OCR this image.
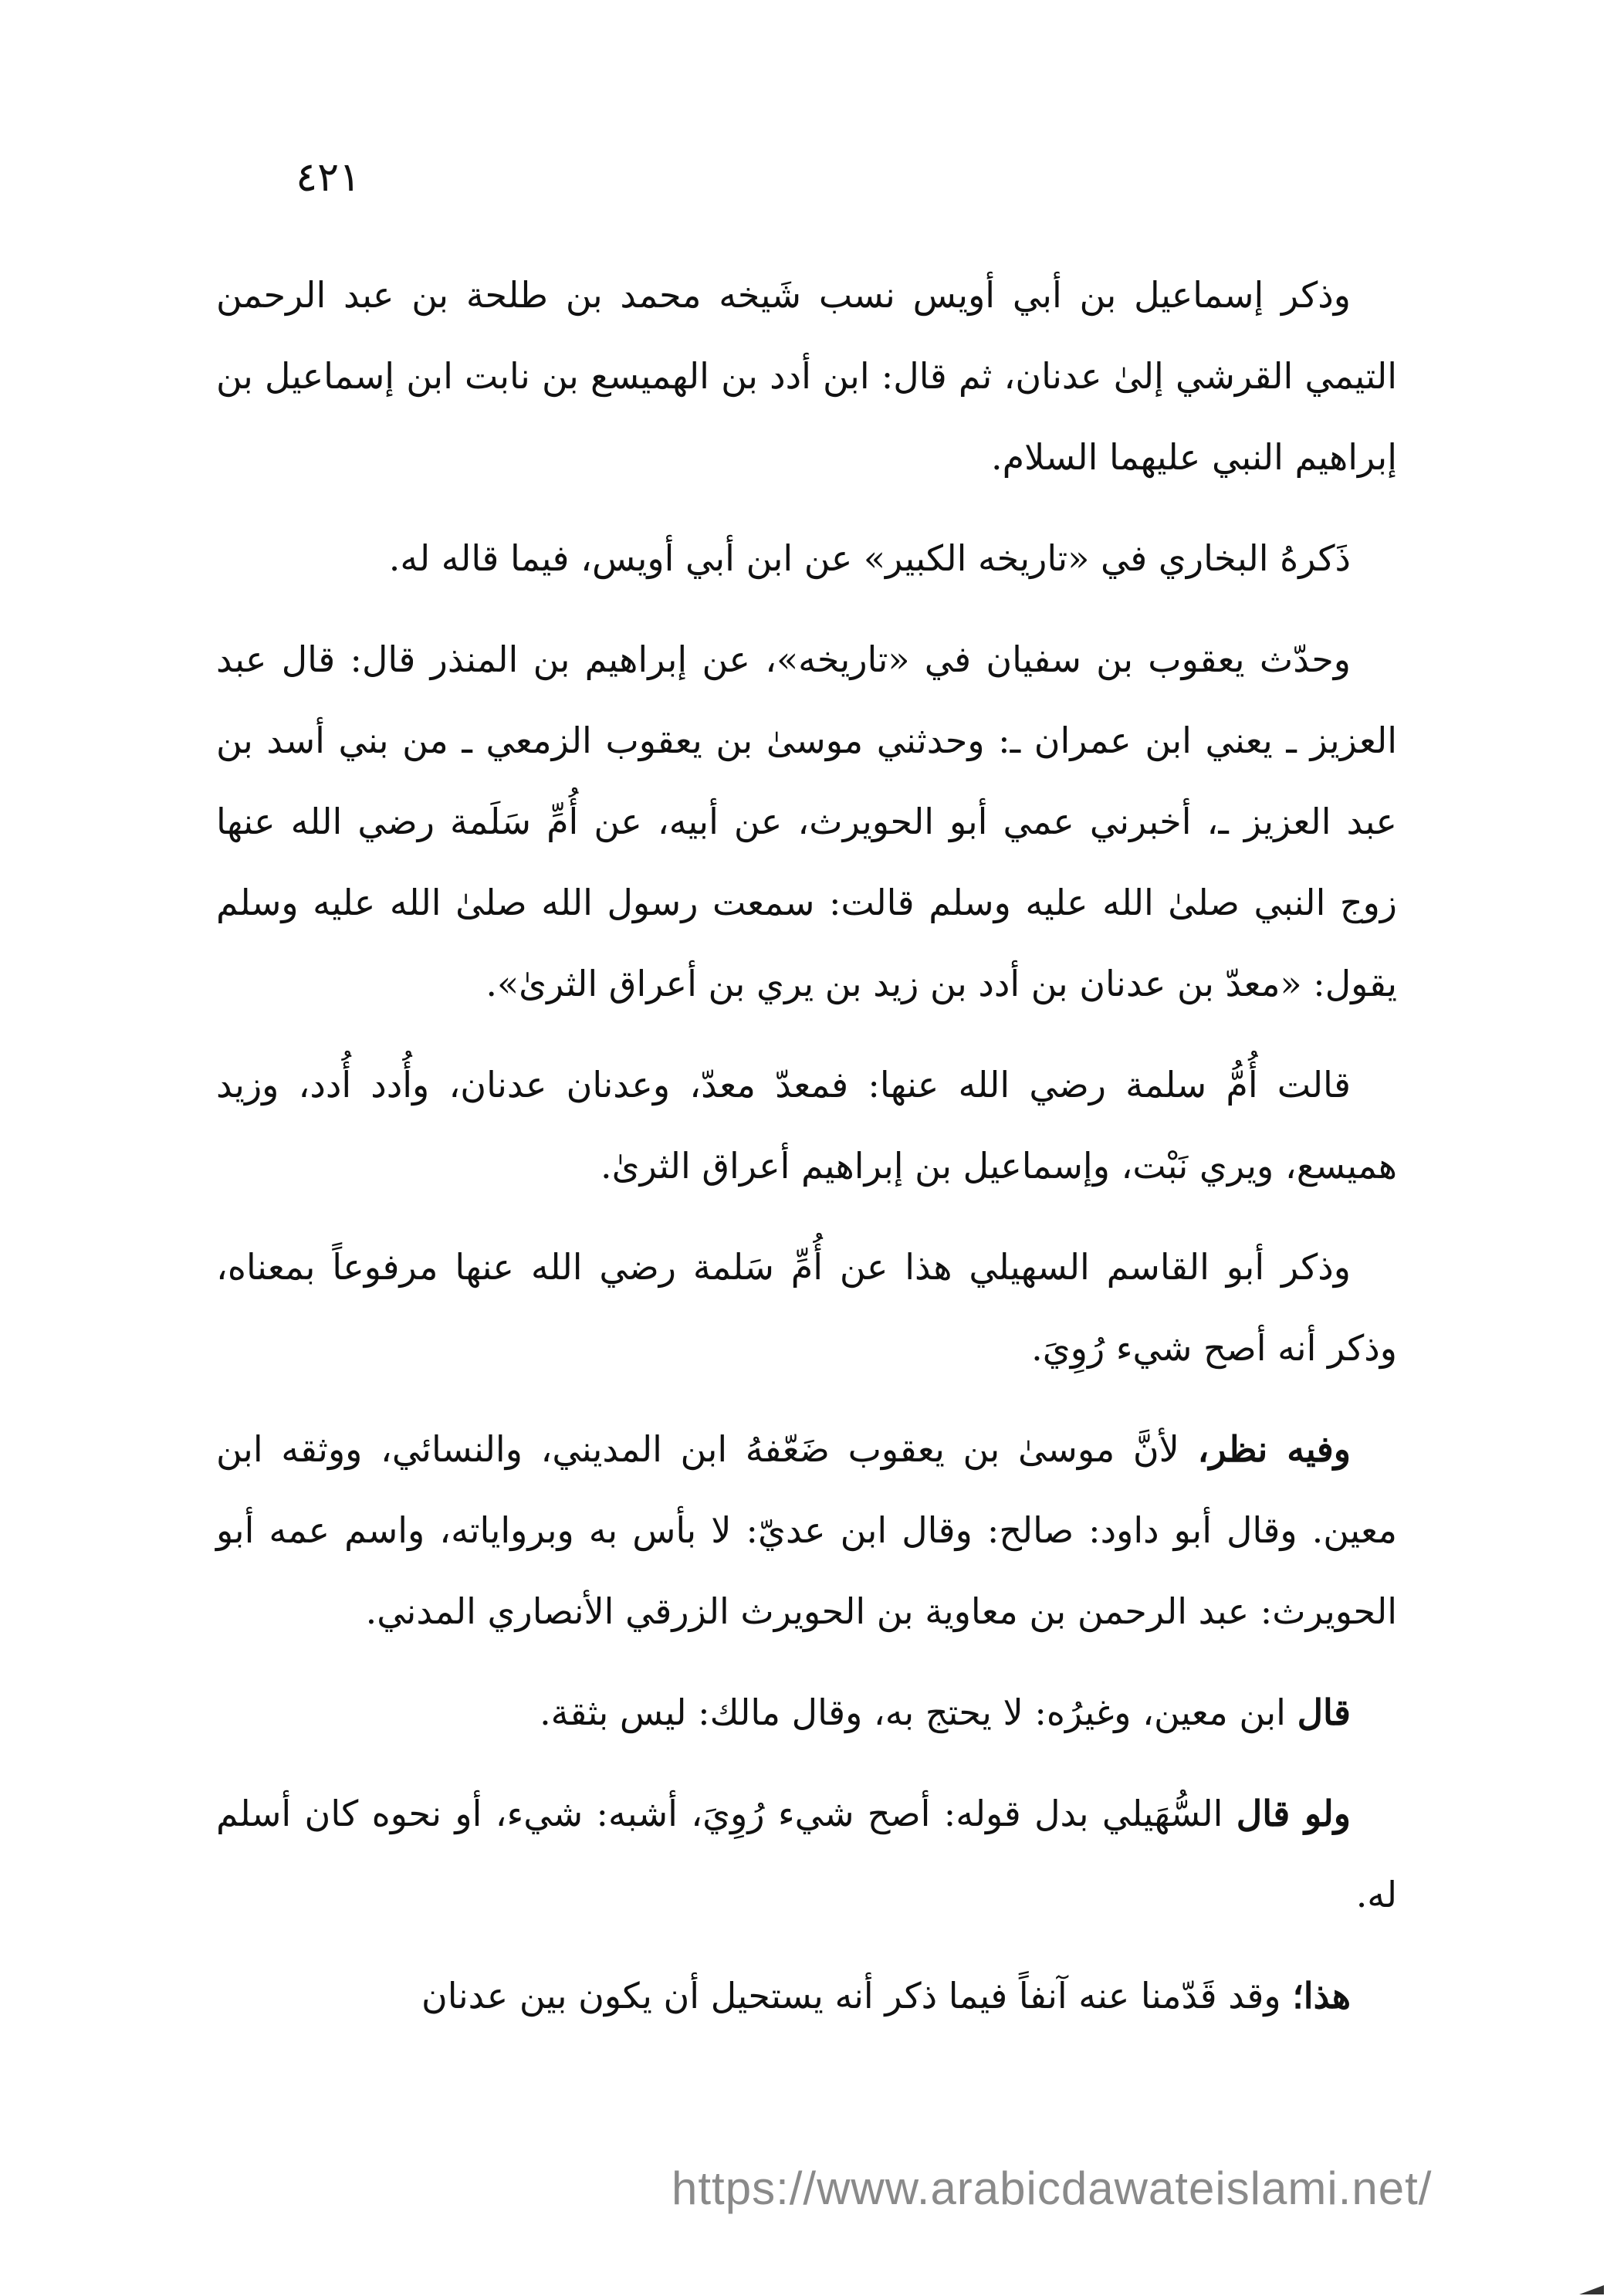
٤٢١

وذكر إسماعيل بن أبي أويس نسب شَيخه محمد بن طلحة بن عبد الرحمن التيمي القرشي إلىٰ عدنان، ثم قال: ابن أدد بن الهميسع بن نابت ابن إسماعيل بن إبراهيم النبي عليهما السلام.

ذَكرهُ البخاري في «تاريخه الكبير» عن ابن أبي أويس، فيما قاله له.

وحدّث يعقوب بن سفيان في «تاريخه»، عن إبراهيم بن المنذر قال: قال عبد العزيز ـ يعني ابن عمران ـ: وحدثني موسىٰ بن يعقوب الزمعي ـ من بني أسد بن عبد العزيز ـ، أخبرني عمي أبو الحويرث، عن أبيه، عن أُمِّ سَلَمة رضي الله عنها زوج النبي صلىٰ الله عليه وسلم قالت: سمعت رسول الله صلىٰ الله عليه وسلم يقول: «معدّ بن عدنان بن أدد بن زيد بن يري بن أعراق الثرىٰ».

قالت أُمُّ سلمة رضي الله عنها: فمعدّ معدّ، وعدنان عدنان، وأُدد أُدد، وزيد هميسع، ويري نَبْت، وإسماعيل بن إبراهيم أعراق الثرىٰ.

وذكر أبو القاسم السهيلي هذا عن أُمِّ سَلمة رضي الله عنها مرفوعاً بمعناه، وذكر أنه أصح شيء رُوِيَ.

وفيه نظر، لأنَّ موسىٰ بن يعقوب ضَعّفهُ ابن المديني، والنسائي، ووثقه ابن معين. وقال أبو داود: صالح: وقال ابن عديّ: لا بأس به وبرواياته، واسم عمه أبو الحويرث: عبد الرحمن بن معاوية بن الحويرث الزرقي الأنصاري المدني.

قال ابن معين، وغيرُه: لا يحتج به، وقال مالك: ليس بثقة.

ولو قال السُّهَيلي بدل قوله: أصح شيء رُوِيَ، أشبه: شيء، أو نحوه كان أسلم له.

هذا؛ وقد قَدّمنا عنه آنفاً فيما ذكر أنه يستحيل أن يكون بين عدنان

https://www.arabicdawateislami.net/
